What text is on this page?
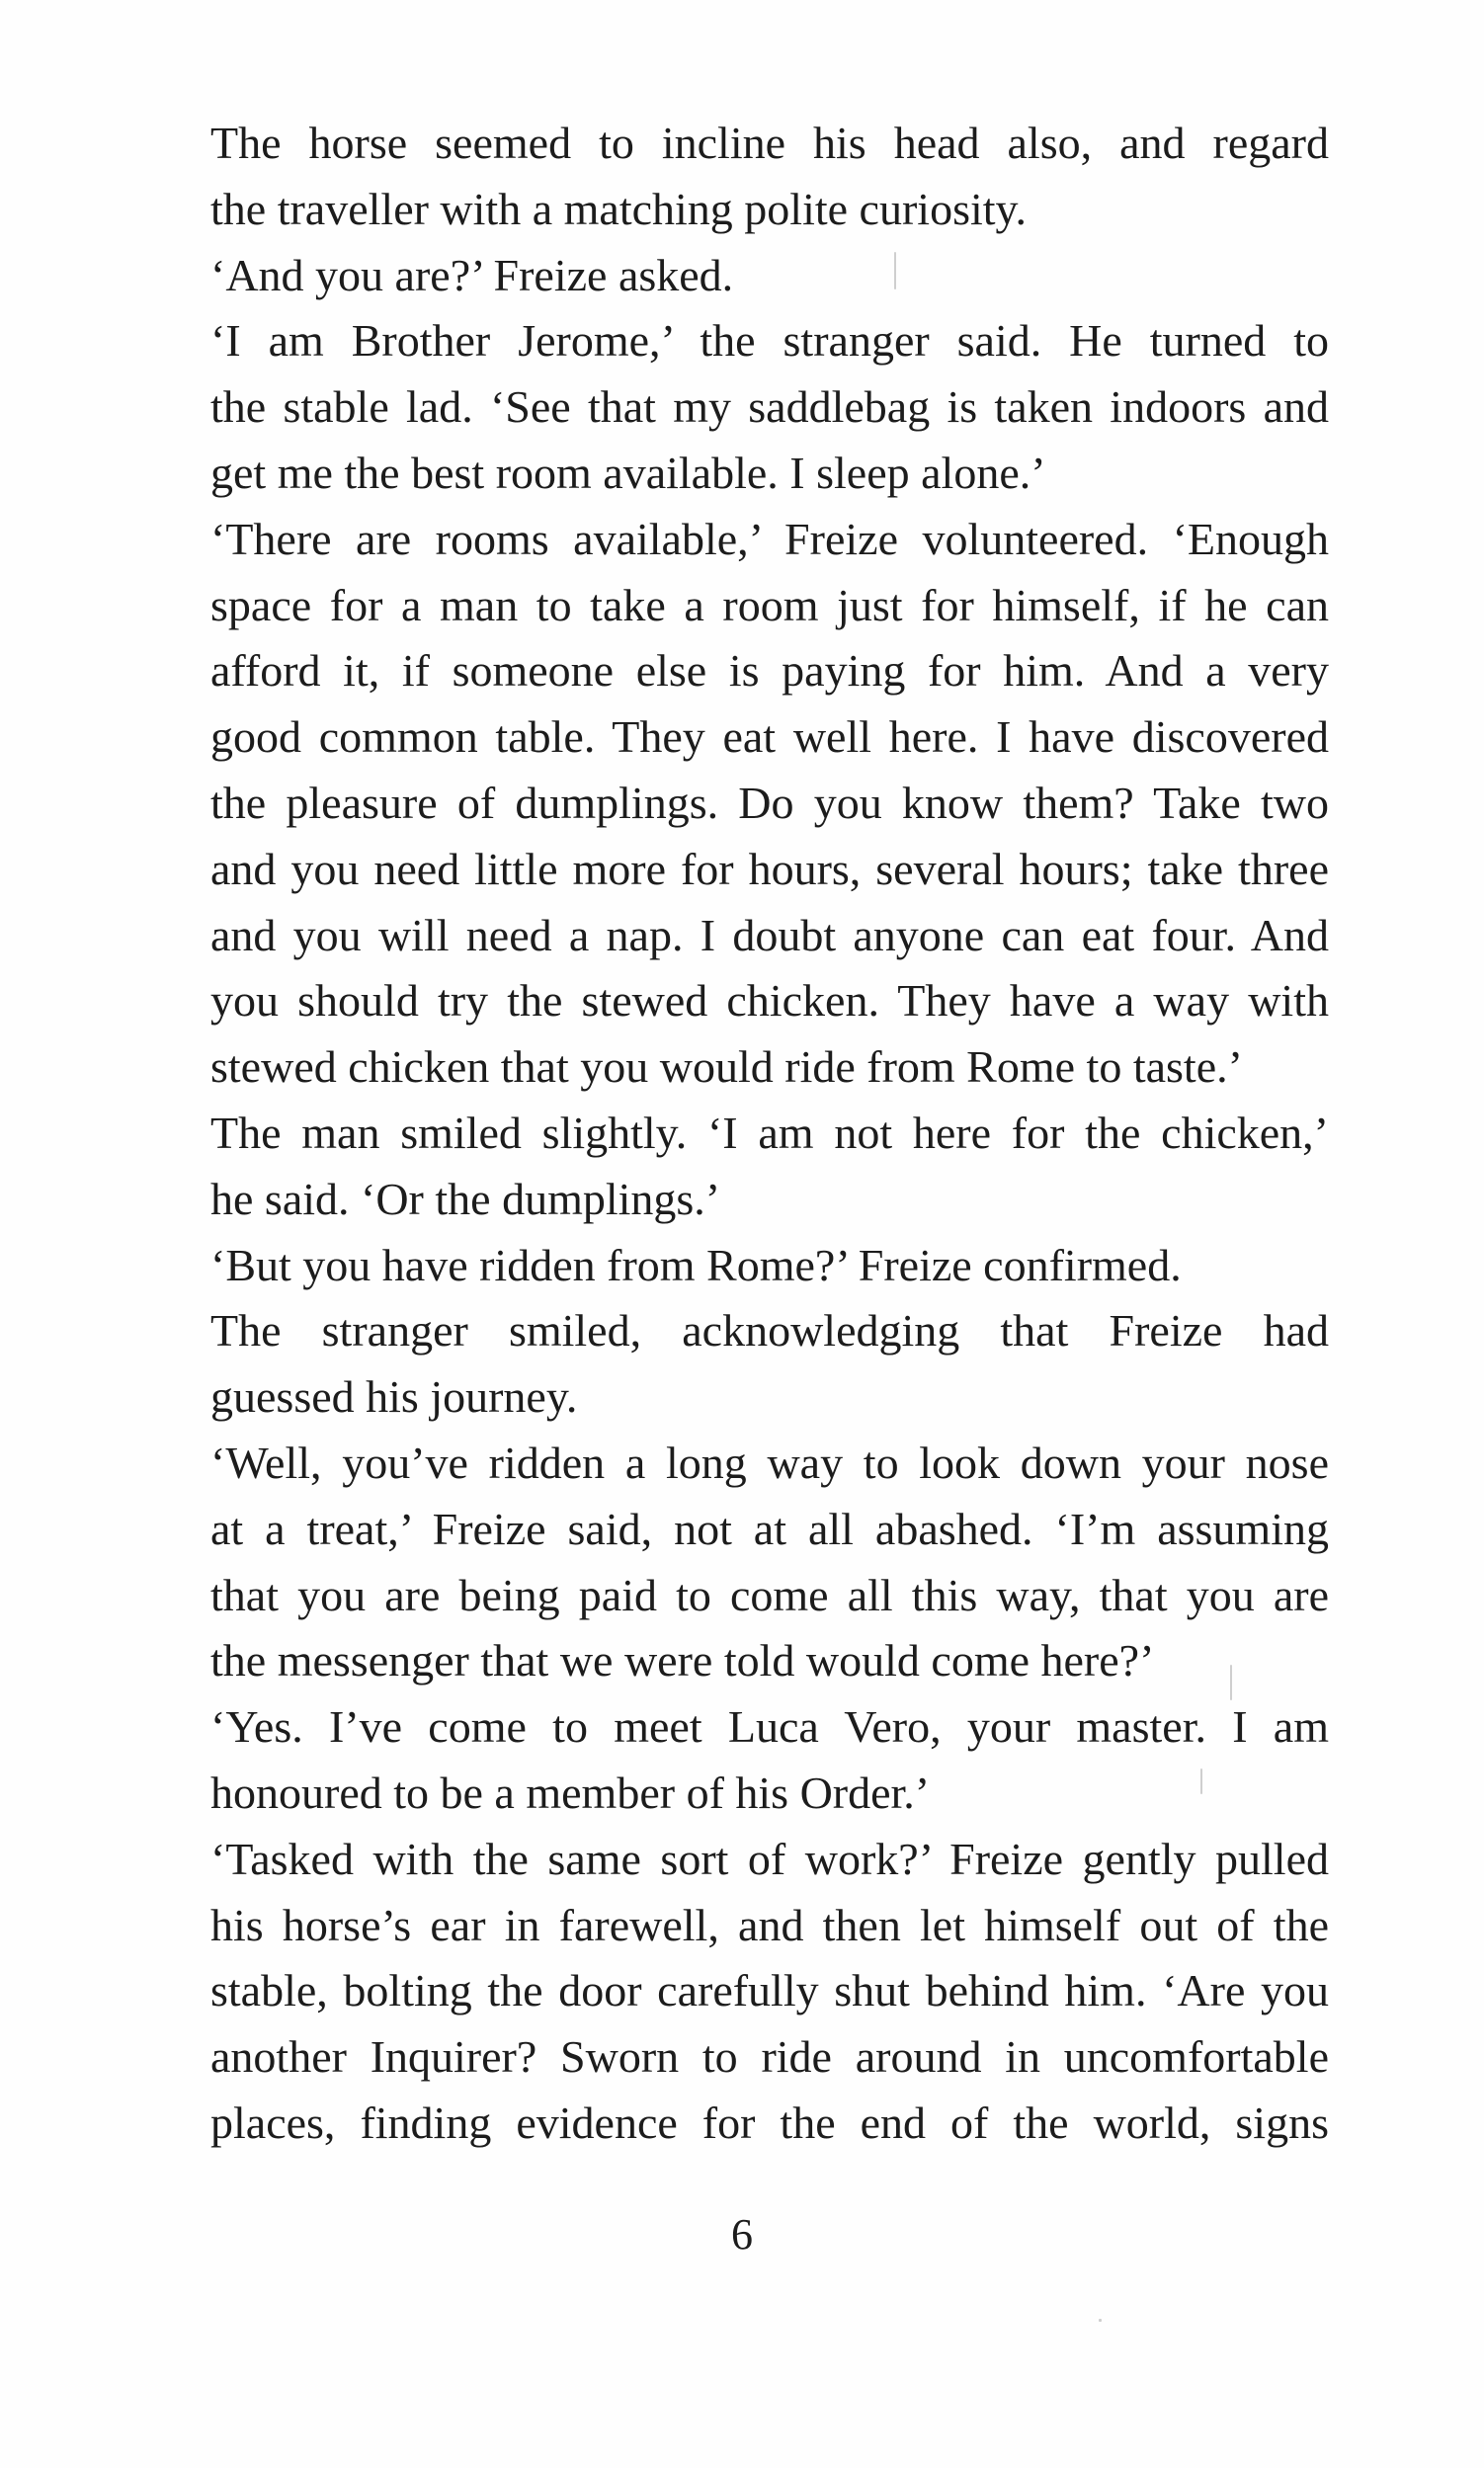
The horse seemed to incline his head also, and regard
the traveller with a matching polite curiosity.

‘And you are?’ Freize asked.

‘I am Brother Jerome,’ the stranger said. He turned to
the stable lad. ‘See that my saddlebag is taken indoors and
get me the best room available. I sleep alone.’

‘There are rooms available,’ Freize volunteered. ‘Enough
space for a man to take a room just for himself, if he can
afford it, if someone else is paying for him. And a very
good common table. They eat well here. I have discovered
the pleasure of dumplings. Do you know them? Take two
and you need little more for hours, several hours; take three
and you will need a nap. I doubt anyone can eat four. And
you should try the stewed chicken. They have a way with
stewed chicken that you would ride from Rome to taste.’

The man smiled slightly. ‘I am not here for the chicken,’
he said. ‘Or the dumplings.’

‘But you have ridden from Rome?’ Freize confirmed.

The stranger smiled, acknowledging that Freize had
guessed his journey.

‘Well, you’ve ridden a long way to look down your nose
at a treat,’ Freize said, not at all abashed. ‘I’m assuming
that you are being paid to come all this way, that you are
the messenger that we were told would come here?’

‘Yes. I’ve come to meet Luca Vero, your master. I am
honoured to be a member of his Order.’

‘Tasked with the same sort of work?’ Freize gently pulled
his horse’s ear in farewell, and then let himself out of the
stable, bolting the door carefully shut behind him. ‘Are you
another Inquirer? Sworn to ride around in uncomfortable
places, finding evidence for the end of the world, signs

6
